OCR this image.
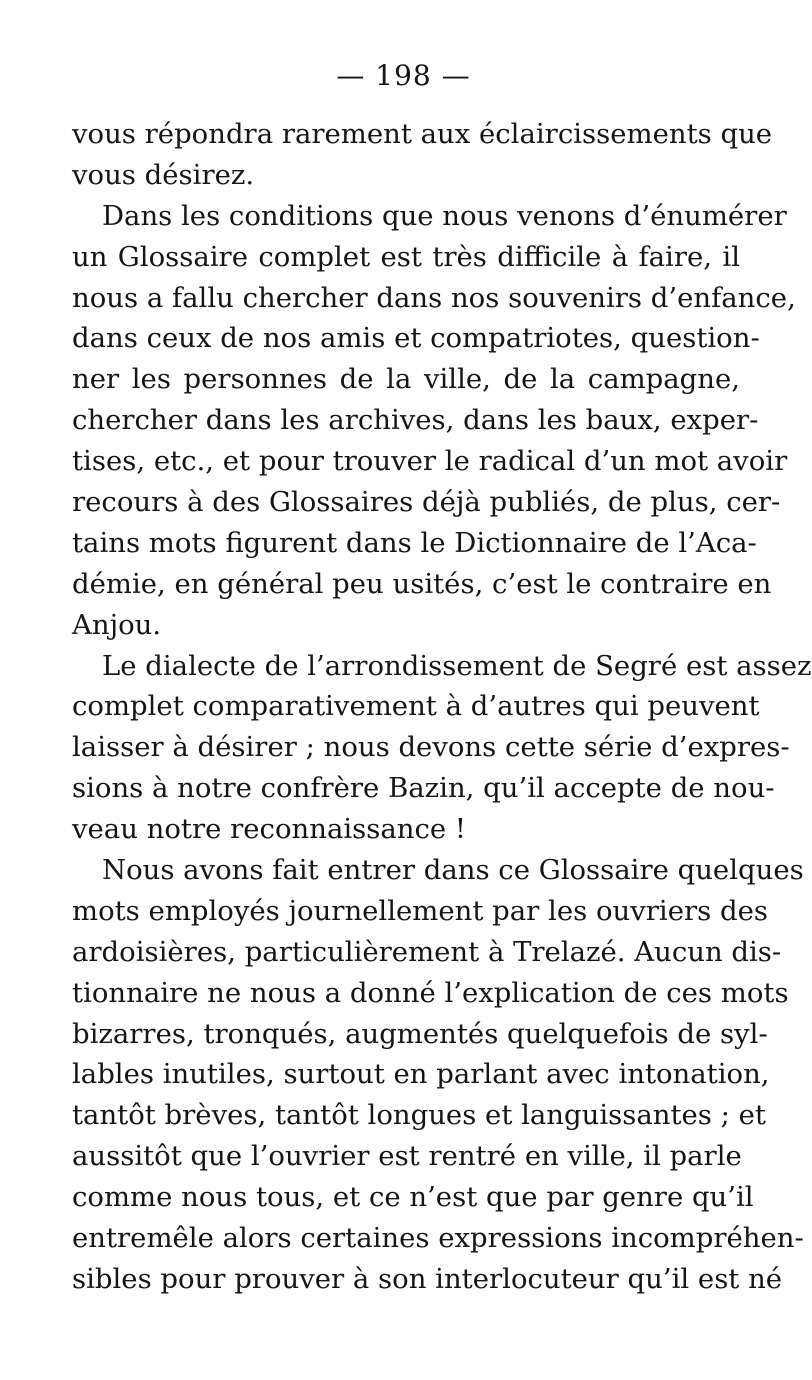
— 198 —
vous répondra rarement aux éclaircissements que
vous désirez.
Dans les conditions que nous venons d’énumérer
un Glossaire complet est très difficile à faire, il
nous a fallu chercher dans nos souvenirs d’enfance,
dans ceux de nos amis et compatriotes, question-
ner les personnes de la ville, de la campagne,
chercher dans les archives, dans les baux, exper-
tises, etc., et pour trouver le radical d’un mot avoir
recours à des Glossaires déjà publiés, de plus, cer-
tains mots figurent dans le Dictionnaire de l’Aca-
démie, en général peu usités, c’est le contraire en
Anjou.
Le dialecte de l’arrondissement de Segré est assez
complet comparativement à d’autres qui peuvent
laisser à désirer ; nous devons cette série d’expres-
sions à notre confrère Bazin, qu’il accepte de nou-
veau notre reconnaissance !
Nous avons fait entrer dans ce Glossaire quelques
mots employés journellement par les ouvriers des
ardoisières, particulièrement à Trelazé. Aucun dis-
tionnaire ne nous a donné l’explication de ces mots
bizarres, tronqués, augmentés quelquefois de syl-
lables inutiles, surtout en parlant avec intonation,
tantôt brèves, tantôt longues et languissantes ; et
aussitôt que l’ouvrier est rentré en ville, il parle
comme nous tous, et ce n’est que par genre qu’il
entremêle alors certaines expressions incompréhen-
sibles pour prouver à son interlocuteur qu’il est né
